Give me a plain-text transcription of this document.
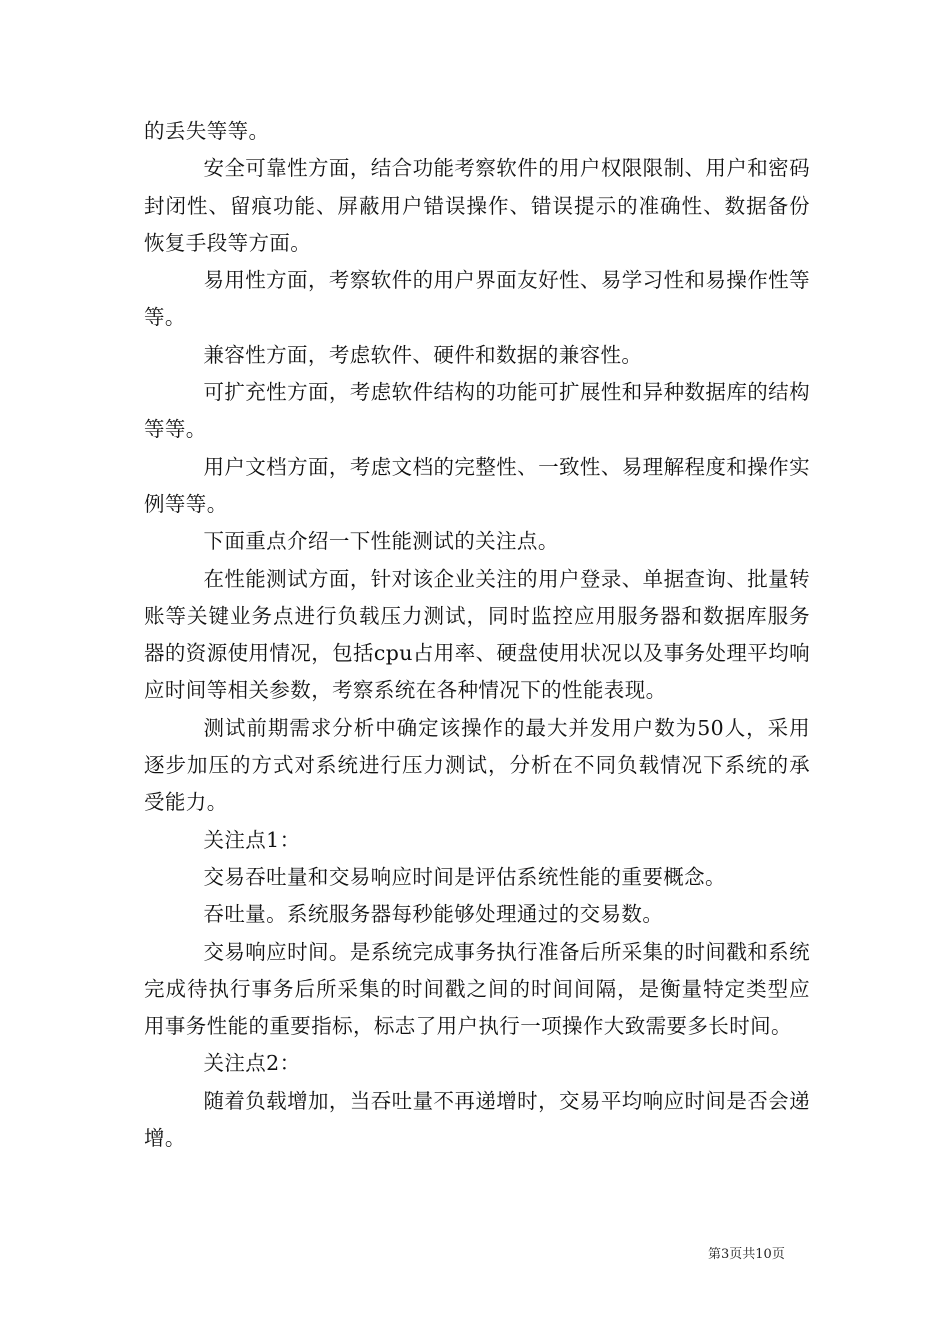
的丢失等等。

安全可靠性方面，结合功能考察软件的用户权限限制、用户和密码封闭性、留痕功能、屏蔽用户错误操作、错误提示的准确性、数据备份恢复手段等方面。

易用性方面，考察软件的用户界面友好性、易学习性和易操作性等等。

兼容性方面，考虑软件、硬件和数据的兼容性。

可扩充性方面，考虑软件结构的功能可扩展性和异种数据库的结构等等。

用户文档方面，考虑文档的完整性、一致性、易理解程度和操作实例等等。

下面重点介绍一下性能测试的关注点。

在性能测试方面，针对该企业关注的用户登录、单据查询、批量转账等关键业务点进行负载压力测试，同时监控应用服务器和数据库服务器的资源使用情况，包括cpu占用率、硬盘使用状况以及事务处理平均响应时间等相关参数，考察系统在各种情况下的性能表现。

测试前期需求分析中确定该操作的最大并发用户数为50人，采用逐步加压的方式对系统进行压力测试，分析在不同负载情况下系统的承受能力。

关注点1：

交易吞吐量和交易响应时间是评估系统性能的重要概念。

吞吐量。系统服务器每秒能够处理通过的交易数。

交易响应时间。是系统完成事务执行准备后所采集的时间戳和系统完成待执行事务后所采集的时间戳之间的时间间隔，是衡量特定类型应用事务性能的重要指标，标志了用户执行一项操作大致需要多长时间。

关注点2：

随着负载增加，当吞吐量不再递增时，交易平均响应时间是否会递增。

第3页共10页
